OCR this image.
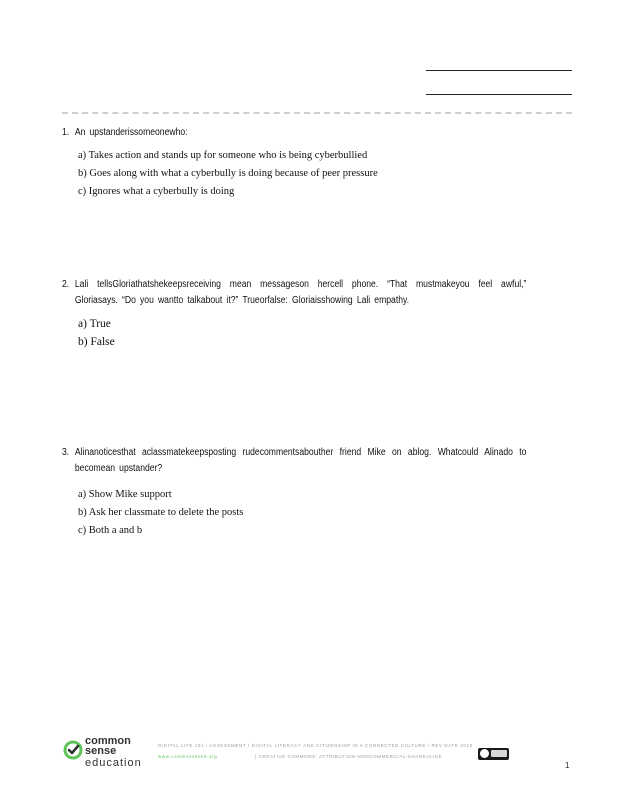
1. An upstanderissomeonewho:
a) Takes action and stands up for someone who is being cyberbullied
b) Goes along with what a cyberbully is doing because of peer pressure
c) Ignores what a cyberbully is doing
2. Lali tellsGloriathatshekeepsreceiving mean messageson hercell phone. “That mustmakeyou feel awful,” Gloriasays. “Do you wantto talkabout it?” Trueorfalse: Gloriaisshowing Lali empathy.
a) True
b) False
3. Alinanoticesthat aclassmatekeepsposting rudecommentsabouther friend Mike on ablog. Whatcould Alinado to becomean upstander?
a) Show Mike support
b) Ask her classmate to delete the posts
c) Both a and b
common
sense
education
DIGITAL LIFE 101 / ASSESSMENT / DIGITAL LITERACY AND CITIZENSHIP IN A CONNECTED CULTURE / REV DATE 2015
www.commonsense.org	| CREATIVE COMMONS: ATTRIBUTION-NONCOMMERCIAL-SHAREALIKE
1
